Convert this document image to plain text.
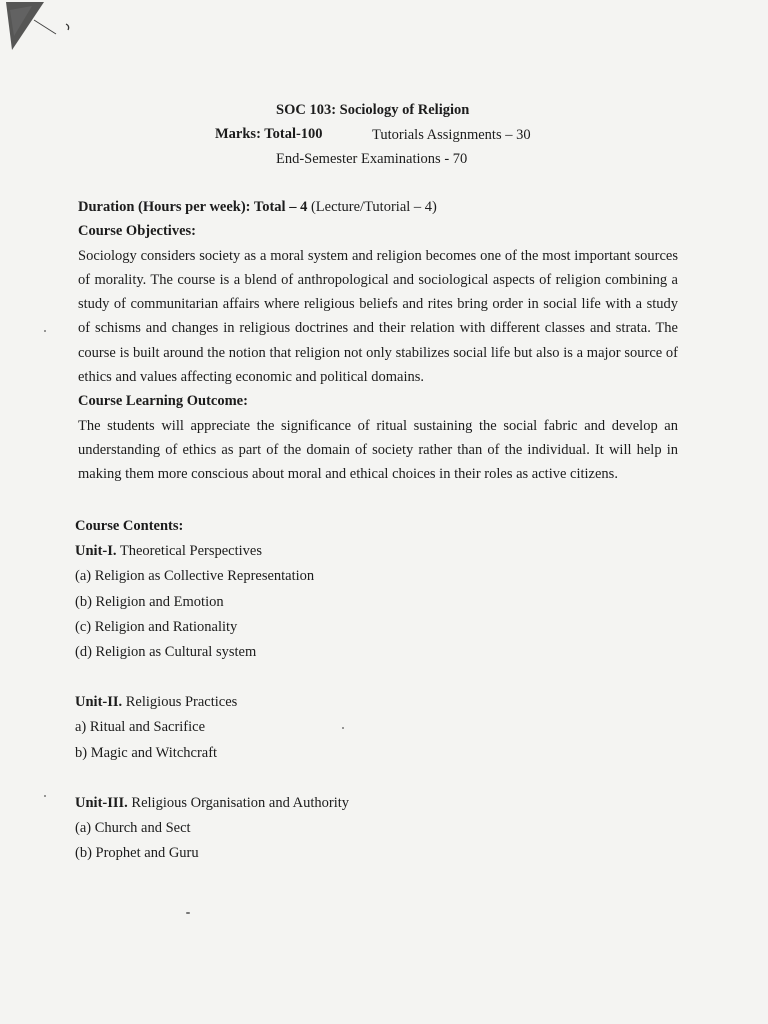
SOC 103: Sociology of Religion
Marks: Total-100	Tutorials Assignments – 30
End-Semester Examinations - 70
Duration (Hours per week): Total – 4 (Lecture/Tutorial – 4)
Course Objectives:
Sociology considers society as a moral system and religion becomes one of the most important sources of morality. The course is a blend of anthropological and sociological aspects of religion combining a study of communitarian affairs where religious beliefs and rites bring order in social life with a study of schisms and changes in religious doctrines and their relation with different classes and strata. The course is built around the notion that religion not only stabilizes social life but also is a major source of ethics and values affecting economic and political domains.
Course Learning Outcome:
The students will appreciate the significance of ritual sustaining the social fabric and develop an understanding of ethics as part of the domain of society rather than of the individual. It will help in making them more conscious about moral and ethical choices in their roles as active citizens.
Course Contents:
Unit-I. Theoretical Perspectives
(a) Religion as Collective Representation
(b) Religion and Emotion
(c) Religion and Rationality
(d) Religion as Cultural system
Unit-II. Religious Practices
a) Ritual and Sacrifice
b) Magic and Witchcraft
Unit-III. Religious Organisation and Authority
(a) Church and Sect
(b) Prophet and Guru
